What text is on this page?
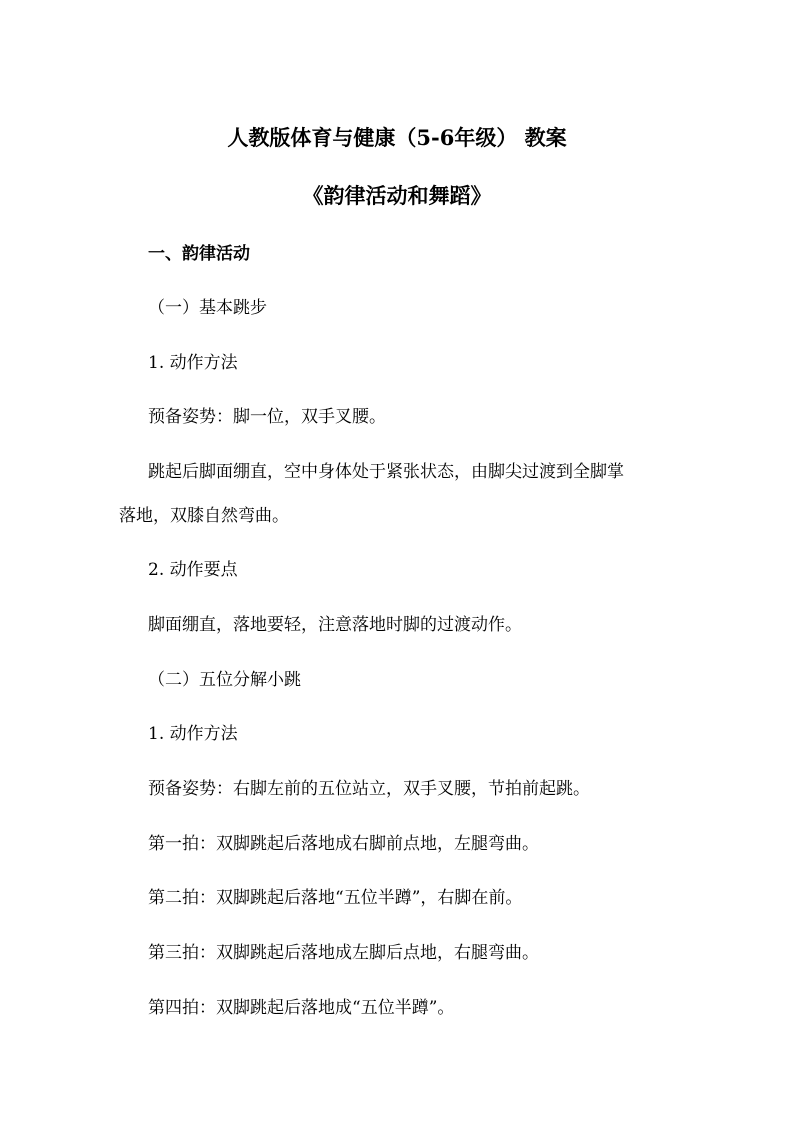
人教版体育与健康（5-6年级） 教案
《韵律活动和舞蹈》
一、韵律活动
（一）基本跳步
1. 动作方法
预备姿势：脚一位，双手叉腰。
跳起后脚面绷直，空中身体处于紧张状态，由脚尖过渡到全脚掌
落地，双膝自然弯曲。
2. 动作要点
脚面绷直，落地要轻，注意落地时脚的过渡动作。
（二）五位分解小跳
1. 动作方法
预备姿势：右脚左前的五位站立，双手叉腰，节拍前起跳。
第一拍：双脚跳起后落地成右脚前点地，左腿弯曲。
第二拍：双脚跳起后落地“五位半蹲”，右脚在前。
第三拍：双脚跳起后落地成左脚后点地，右腿弯曲。
第四拍：双脚跳起后落地成“五位半蹲”。
